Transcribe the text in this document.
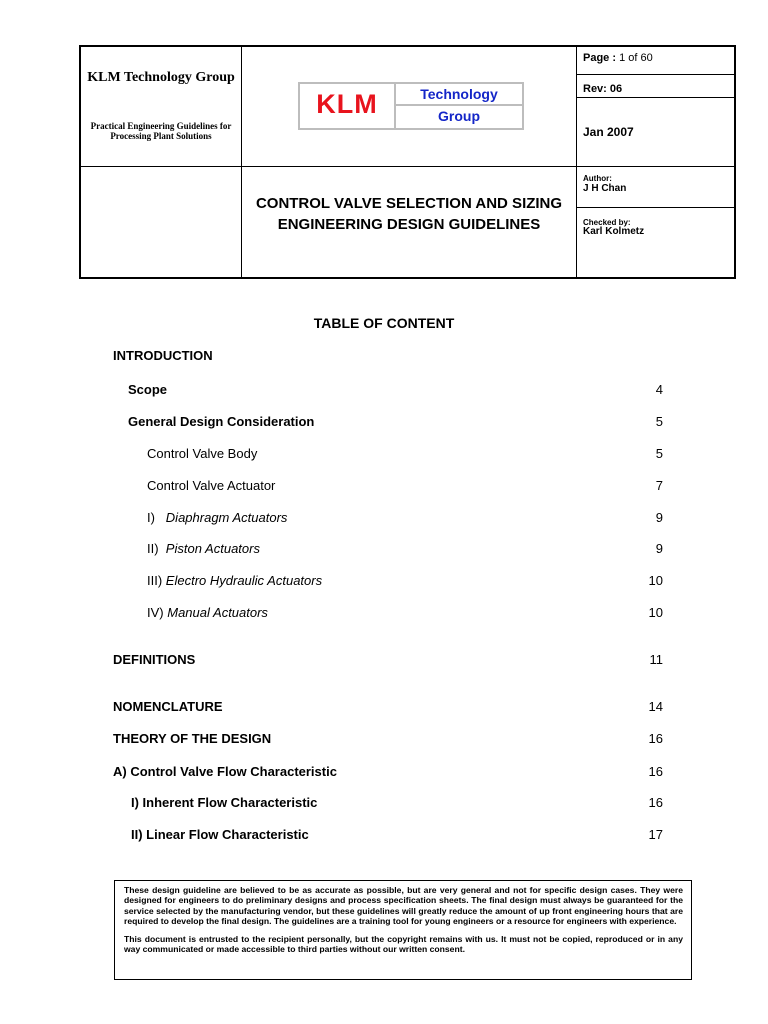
KLM Technology Group
Practical Engineering Guidelines for Processing Plant Solutions
KLM	Technology
Group
Page : 1 of 60
Rev: 06
Jan 2007
CONTROL VALVE SELECTION AND SIZING ENGINEERING DESIGN GUIDELINES
Author:
J H Chan
Checked by:
Karl Kolmetz
TABLE OF CONTENT
INTRODUCTION
Scope	4
General Design Consideration	5
Control Valve Body	5
Control Valve Actuator	7
I) Diaphragm Actuators	9
II) Piston Actuators	9
III) Electro Hydraulic Actuators	10
IV) Manual Actuators	10
DEFINITIONS	11
NOMENCLATURE	14
THEORY OF THE DESIGN	16
A) Control Valve Flow Characteristic	16
I) Inherent Flow Characteristic	16
II) Linear Flow Characteristic	17

These design guideline are believed to be as accurate as possible, but are very general and not for specific design cases. They were designed for engineers to do preliminary designs and process specification sheets. The final design must always be guaranteed for the service selected by the manufacturing vendor, but these guidelines will greatly reduce the amount of up front engineering hours that are required to develop the final design. The guidelines are a training tool for young engineers or a resource for engineers with experience.

This document is entrusted to the recipient personally, but the copyright remains with us. It must not be copied, reproduced or in any way communicated or made accessible to third parties without our written consent.
